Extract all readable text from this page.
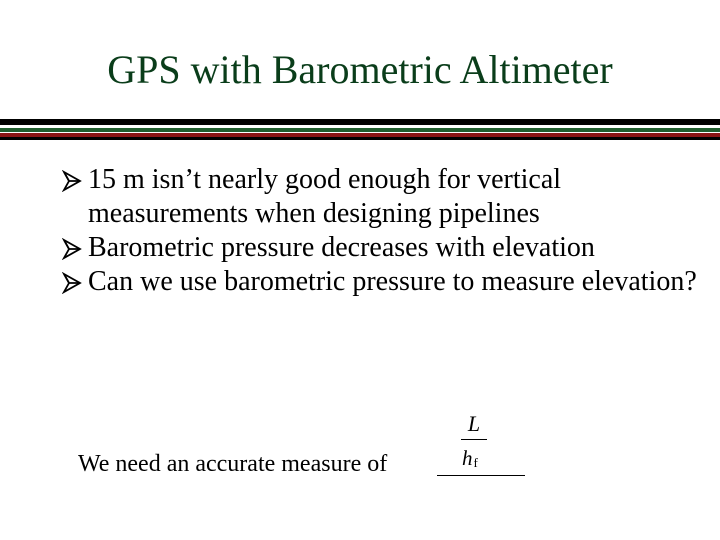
GPS with Barometric Altimeter
15 m isn’t nearly good enough for vertical measurements when designing pipelines
Barometric pressure decreases with elevation
Can we use barometric pressure to measure elevation?
We need an accurate measure of
L
hf
